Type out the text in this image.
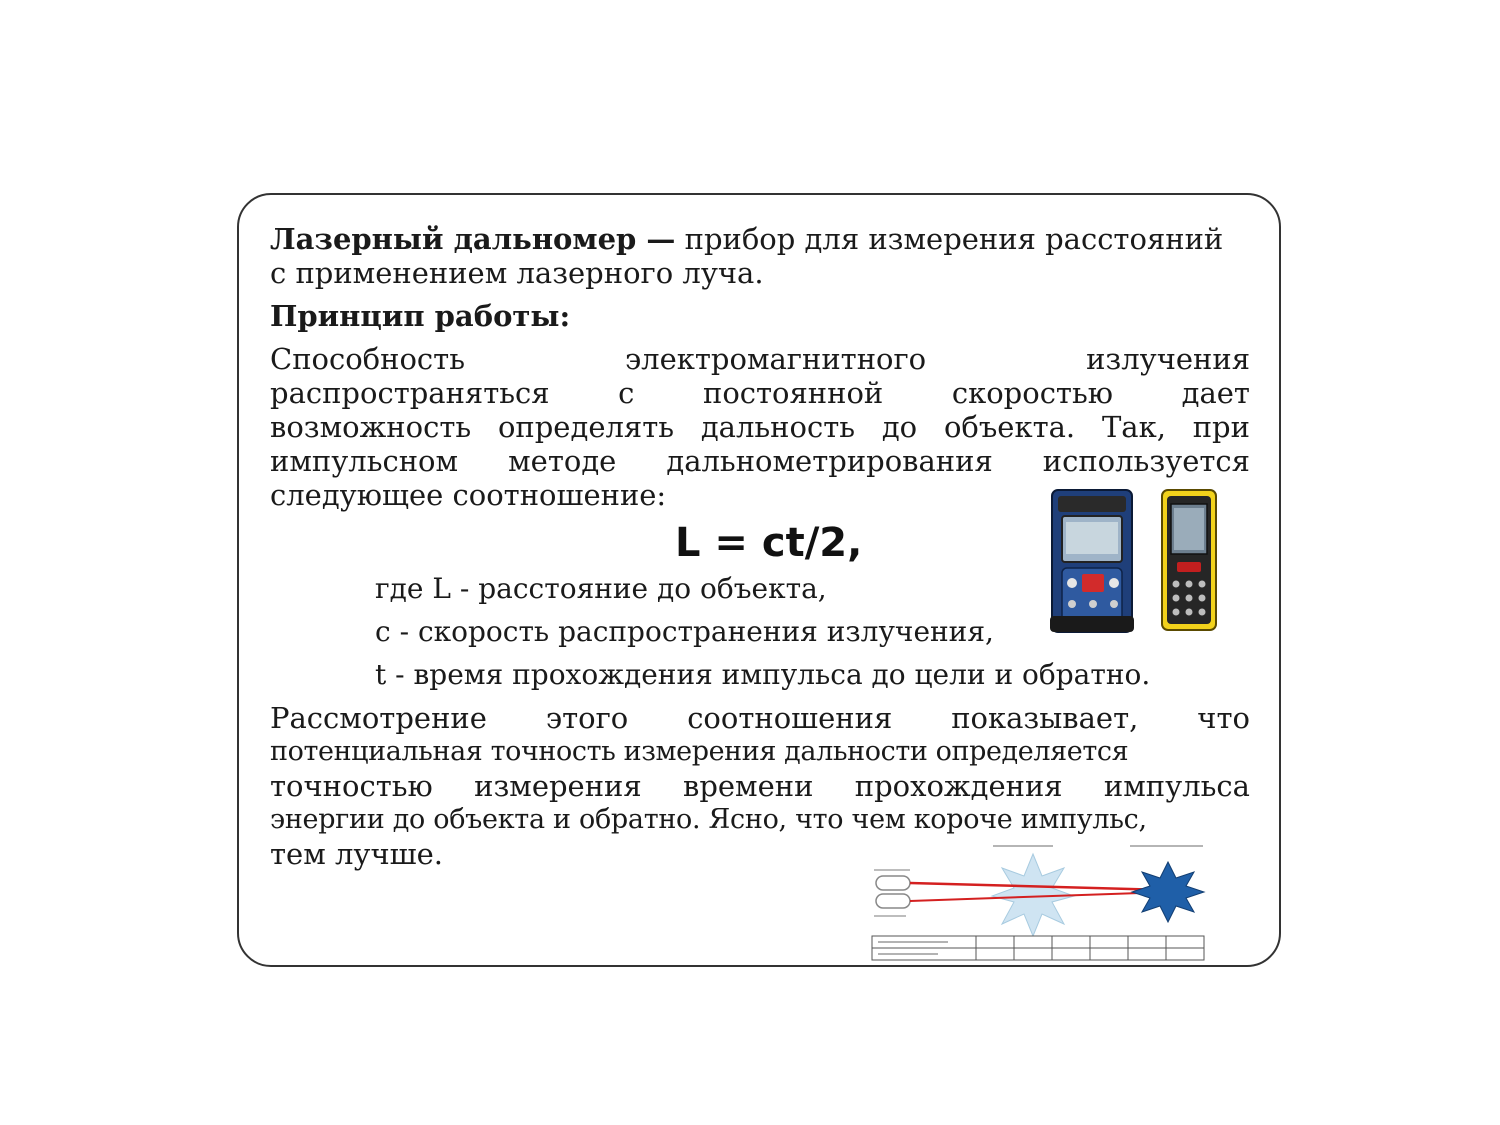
Лазерный дальномер — прибор для измерения расстояний
с применением лазерного луча.
Принцип работы:
Способность	электромагнитного	излучения
распространяться с постоянной скоростью дает
возможность определять дальность до объекта. Так, при
импульсном методе дальнометрирования используется
следующее соотношение:
L = ct/2,
где L - расстояние до объекта,
c - скорость распространения излучения,
t - время прохождения импульса до цели и обратно.
Рассмотрение этого соотношения показывает, что
потенциальная точность измерения дальности определяется
точностью измерения времени прохождения импульса
энергии до объекта и обратно. Ясно, что чем короче импульс,
тем лучше.
